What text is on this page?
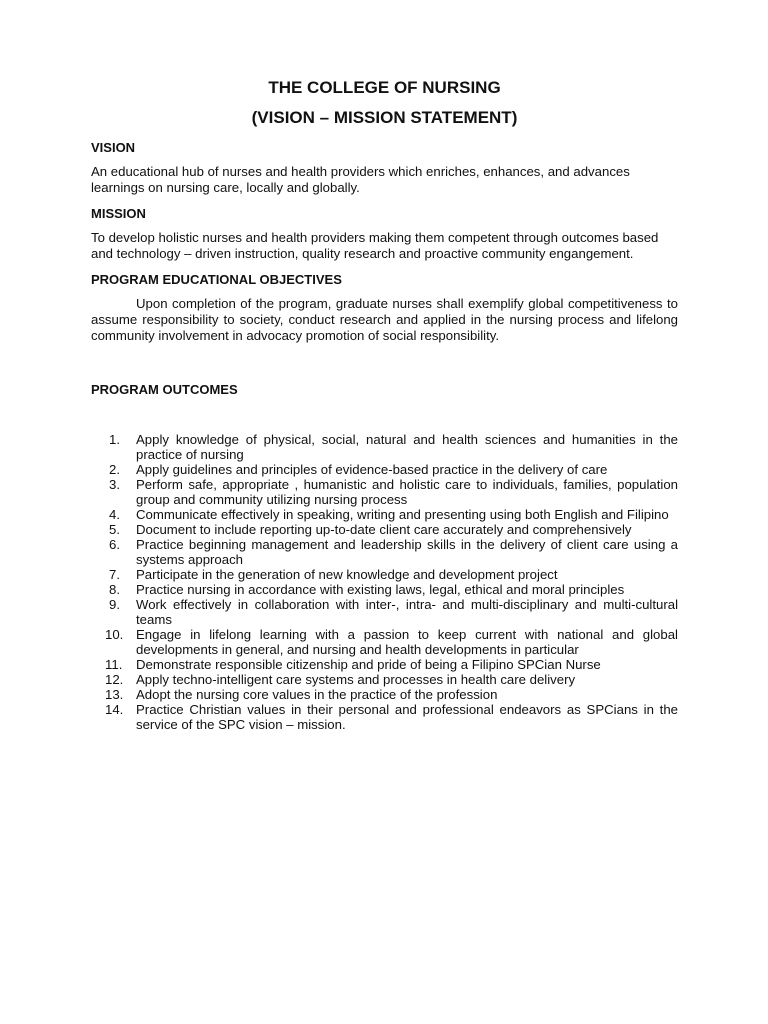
THE COLLEGE OF NURSING
(VISION – MISSION STATEMENT)
VISION

An educational hub of nurses and health providers which enriches, enhances, and advances learnings on nursing care, locally and globally.

MISSION

To develop holistic nurses and health providers making them competent through outcomes based and technology – driven instruction, quality research and proactive community engangement.

PROGRAM EDUCATIONAL OBJECTIVES

Upon completion of the program, graduate nurses shall exemplify global competitiveness to assume responsibility to society, conduct research and applied in the nursing process and lifelong community involvement in advocacy promotion of social responsibility.

PROGRAM OUTCOMES
1.	Apply knowledge of physical, social, natural and health sciences and humanities in the practice of nursing
2.	Apply guidelines and principles of evidence-based practice in the delivery of care
3.	Perform safe, appropriate , humanistic and holistic care to individuals, families, population group and community utilizing nursing process
4.	Communicate effectively in speaking, writing and presenting using both English and Filipino
5.	Document to include reporting up-to-date client care accurately and comprehensively
6.	Practice beginning management and leadership skills in the delivery of client care using a systems approach
7.	Participate in the generation of new knowledge and development project
8.	Practice nursing in accordance with existing laws, legal, ethical and moral principles
9.	Work effectively in collaboration with inter-, intra- and multi-disciplinary and multi-cultural teams
10. Engage in lifelong learning with a passion to keep current with national and global developments in general, and nursing and health developments in particular
11.	Demonstrate responsible citizenship and pride of being a Filipino SPCian Nurse
12. Apply techno-intelligent care systems and processes in health care delivery
13. Adopt the nursing core values in the practice of the profession
14. Practice Christian values in their personal and professional endeavors as SPCians in the service of the SPC vision – mission.
